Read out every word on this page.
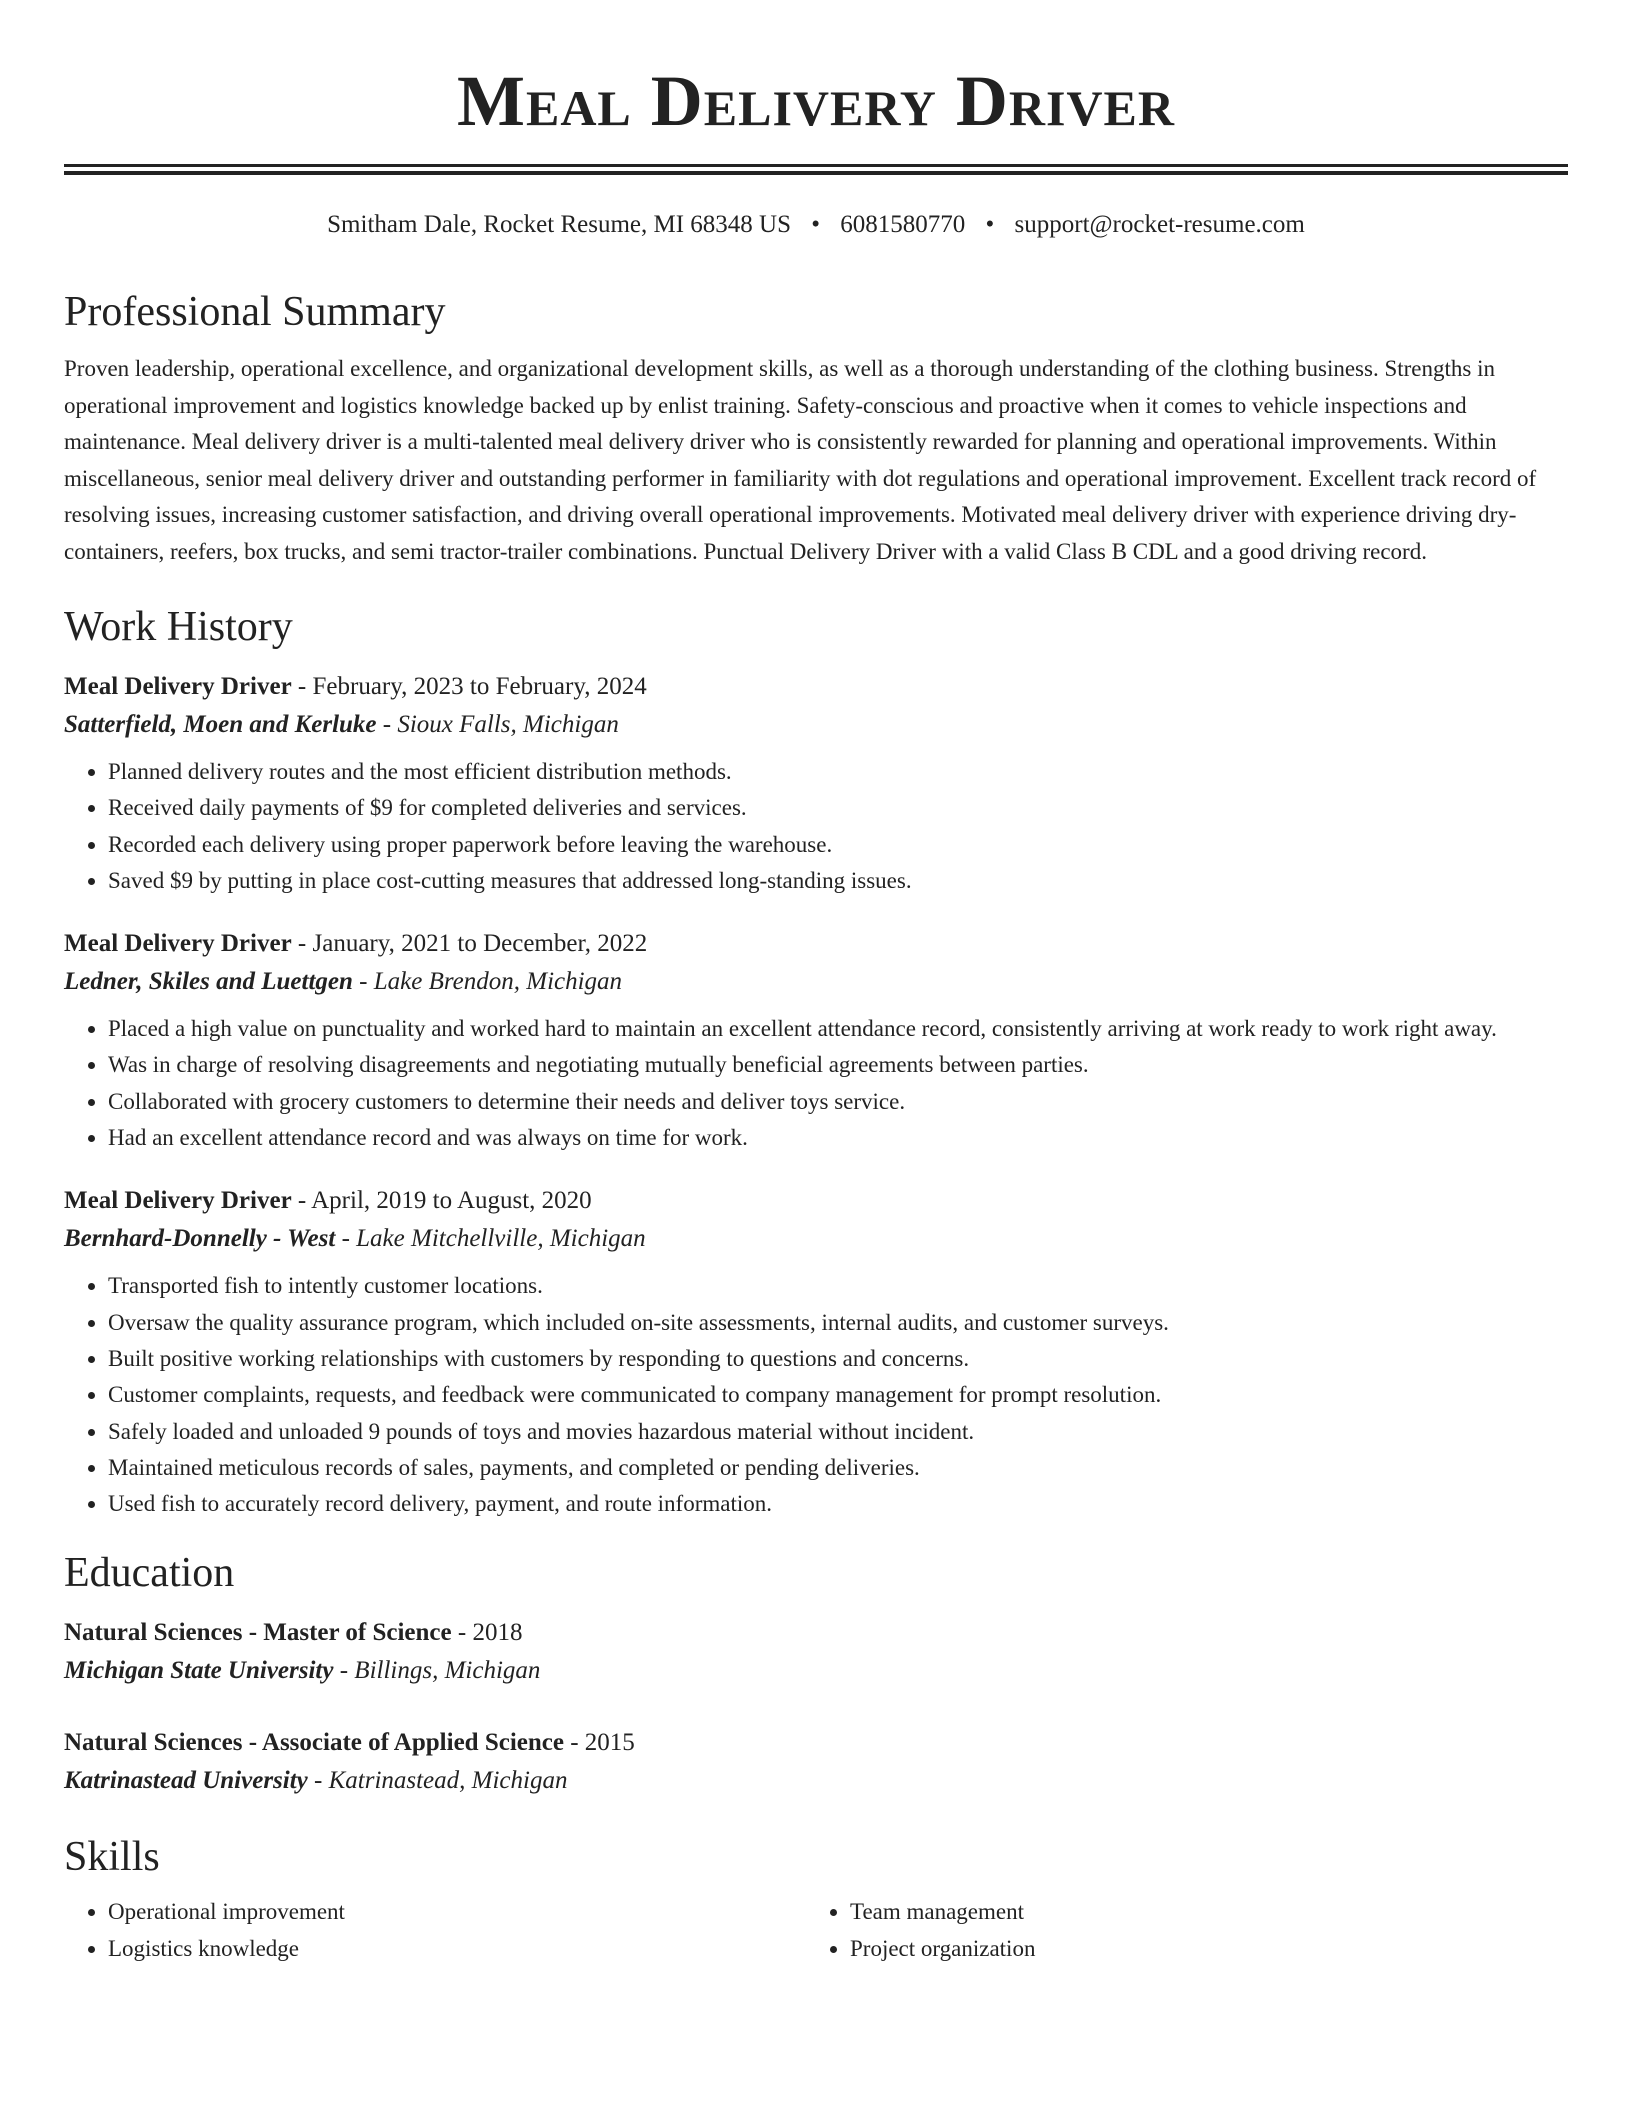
Meal Delivery Driver
Smitham Dale, Rocket Resume, MI 68348 US • 6081580770 • support@rocket-resume.com
Professional Summary

Proven leadership, operational excellence, and organizational development skills, as well as a thorough understanding of the clothing business. Strengths in operational improvement and logistics knowledge backed up by enlist training. Safety-conscious and proactive when it comes to vehicle inspections and maintenance. Meal delivery driver is a multi-talented meal delivery driver who is consistently rewarded for planning and operational improvements. Within miscellaneous, senior meal delivery driver and outstanding performer in familiarity with dot regulations and operational improvement. Excellent track record of resolving issues, increasing customer satisfaction, and driving overall operational improvements. Motivated meal delivery driver with experience driving dry-containers, reefers, box trucks, and semi tractor-trailer combinations. Punctual Delivery Driver with a valid Class B CDL and a good driving record.

Work History
Meal Delivery Driver - February, 2023 to February, 2024
Satterfield, Moen and Kerluke - Sioux Falls, Michigan
• Planned delivery routes and the most efficient distribution methods.
• Received daily payments of $9 for completed deliveries and services.
• Recorded each delivery using proper paperwork before leaving the warehouse.
• Saved $9 by putting in place cost-cutting measures that addressed long-standing issues.
Meal Delivery Driver - January, 2021 to December, 2022
Ledner, Skiles and Luettgen - Lake Brendon, Michigan
• Placed a high value on punctuality and worked hard to maintain an excellent attendance record, consistently arriving at work ready to work right away.
• Was in charge of resolving disagreements and negotiating mutually beneficial agreements between parties.
• Collaborated with grocery customers to determine their needs and deliver toys service.
• Had an excellent attendance record and was always on time for work.
Meal Delivery Driver - April, 2019 to August, 2020
Bernhard-Donnelly - West - Lake Mitchellville, Michigan
• Transported fish to intently customer locations.
• Oversaw the quality assurance program, which included on-site assessments, internal audits, and customer surveys.
• Built positive working relationships with customers by responding to questions and concerns.
• Customer complaints, requests, and feedback were communicated to company management for prompt resolution.
• Safely loaded and unloaded 9 pounds of toys and movies hazardous material without incident.
• Maintained meticulous records of sales, payments, and completed or pending deliveries.
• Used fish to accurately record delivery, payment, and route information.
Education
Natural Sciences - Master of Science - 2018
Michigan State University - Billings, Michigan
Natural Sciences - Associate of Applied Science - 2015
Katrinastead University - Katrinastead, Michigan
Skills
• Operational improvement
• Logistics knowledge
• Team management
• Project organization
